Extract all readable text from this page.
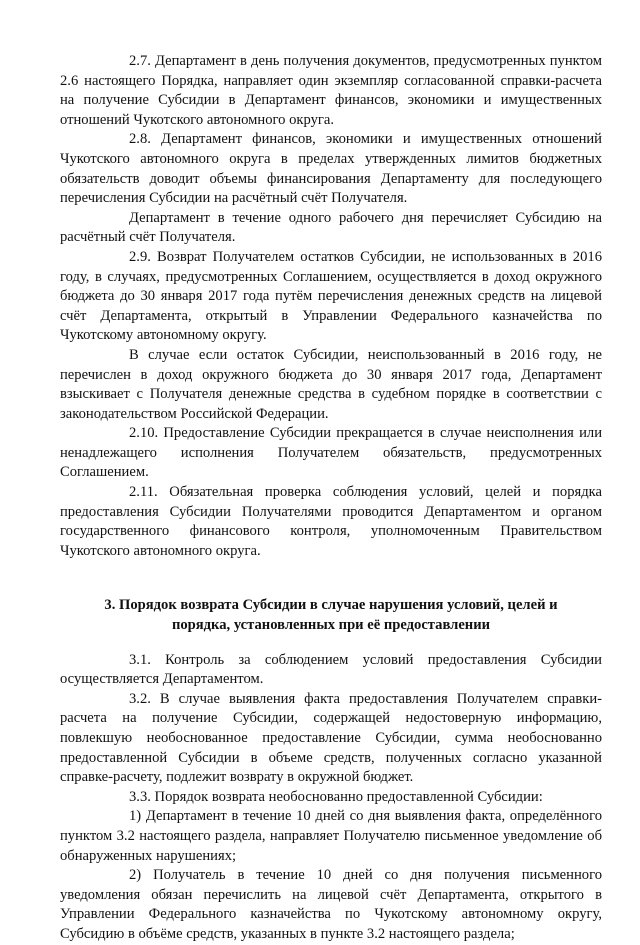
2.7. Департамент в день получения документов, предусмотренных пунктом 2.6 настоящего Порядка, направляет один экземпляр согласованной справки-расчета на получение Субсидии в Департамент финансов, экономики и имущественных отношений Чукотского автономного округа.

2.8. Департамент финансов, экономики и имущественных отношений Чукотского автономного округа в пределах утвержденных лимитов бюджетных обязательств доводит объемы финансирования Департаменту для последующего перечисления Субсидии на расчётный счёт Получателя.

Департамент в течение одного рабочего дня перечисляет Субсидию на расчётный счёт Получателя.

2.9. Возврат Получателем остатков Субсидии, не использованных в 2016 году, в случаях, предусмотренных Соглашением, осуществляется в доход окружного бюджета до 30 января 2017 года путём перечисления денежных средств на лицевой счёт Департамента, открытый в Управлении Федерального казначейства по Чукотскому автономному округу.

В случае если остаток Субсидии, неиспользованный в 2016 году, не перечислен в доход окружного бюджета до 30 января 2017 года, Департамент взыскивает с Получателя денежные средства в судебном порядке в соответствии с законодательством Российской Федерации.

2.10. Предоставление Субсидии прекращается в случае неисполнения или ненадлежащего исполнения Получателем обязательств, предусмотренных Соглашением.

2.11. Обязательная проверка соблюдения условий, целей и порядка предоставления Субсидии Получателями проводится Департаментом и органом государственного финансового контроля, уполномоченным Правительством Чукотского автономного округа.

3. Порядок возврата Субсидии в случае нарушения условий, целей и
порядка, установленных при её предоставлении

3.1. Контроль за соблюдением условий предоставления Субсидии осуществляется Департаментом.

3.2. В случае выявления факта предоставления Получателем справки-расчета на получение Субсидии, содержащей недостоверную информацию, повлекшую необоснованное предоставление Субсидии, сумма необоснованно предоставленной Субсидии в объеме средств, полученных согласно указанной справке-расчету, подлежит возврату в окружной бюджет.

3.3. Порядок возврата необоснованно предоставленной Субсидии:

1) Департамент в течение 10 дней со дня выявления факта, определённого пунктом 3.2 настоящего раздела, направляет Получателю письменное уведомление об обнаруженных нарушениях;

2) Получатель в течение 10 дней со дня получения письменного уведомления обязан перечислить на лицевой счёт Департамента, открытого в Управлении Федерального казначейства по Чукотскому автономному округу, Субсидию в объёме средств, указанных в пункте 3.2 настоящего раздела;
